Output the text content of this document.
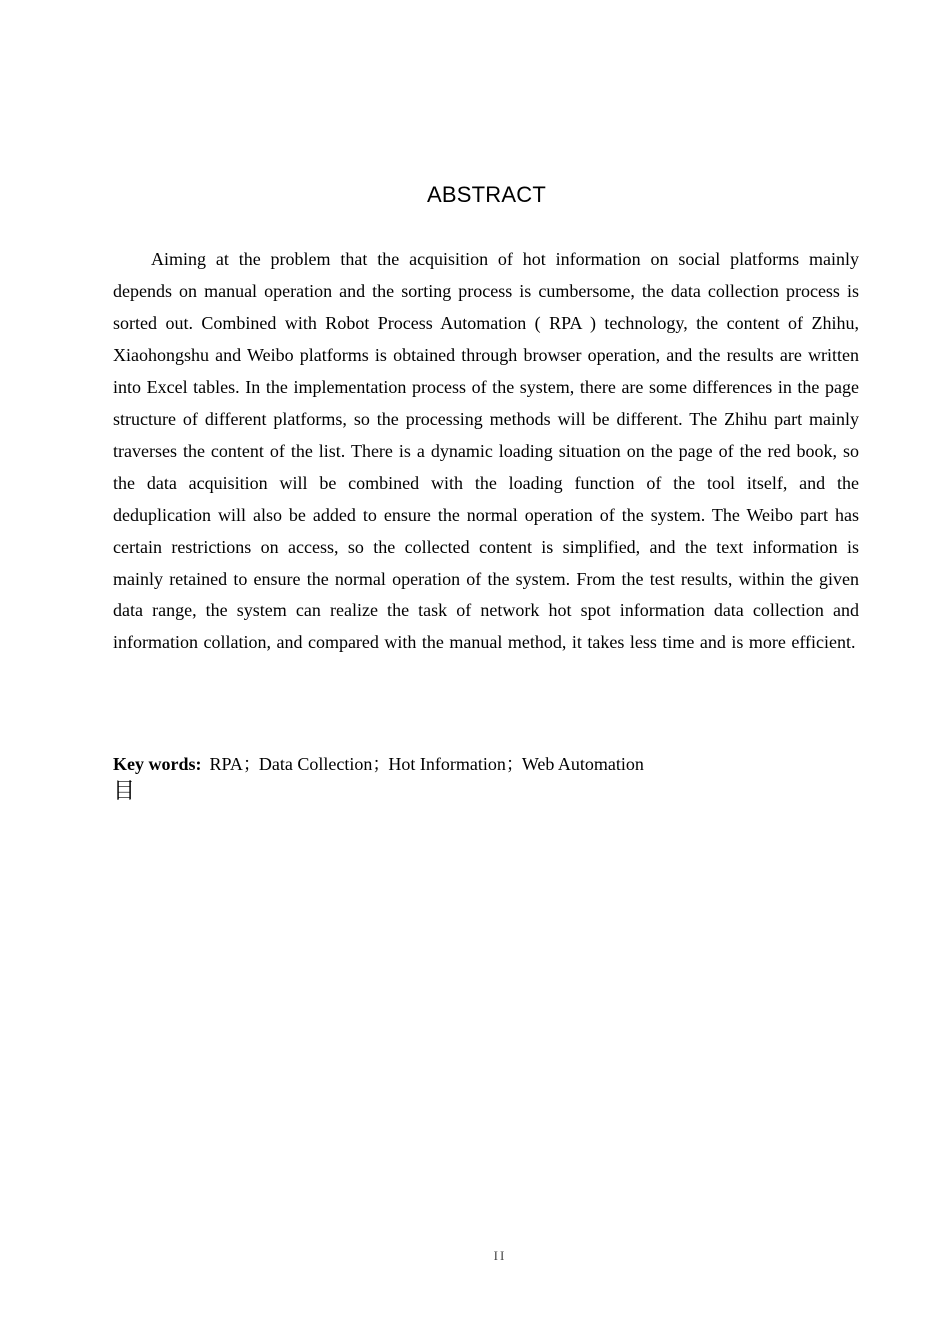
ABSTRACT

Aiming at the problem that the acquisition of hot information on social platforms mainly depends on manual operation and the sorting process is cumbersome, the data collection process is sorted out. Combined with Robot Process Automation ( RPA ) technology, the content of Zhihu, Xiaohongshu and Weibo platforms is obtained through browser operation, and the results are written into Excel tables. In the implementation process of the system, there are some differences in the page structure of different platforms, so the processing methods will be different. The Zhihu part mainly traverses the content of the list. There is a dynamic loading situation on the page of the red book, so the data acquisition will be combined with the loading function of the tool itself, and the deduplication will also be added to ensure the normal operation of the system. The Weibo part has certain restrictions on access, so the collected content is simplified, and the text information is mainly retained to ensure the normal operation of the system. From the test results, within the given data range, the system can realize the task of network hot spot information data collection and information collation, and compared with the manual method, it takes less time and is more efficient.

Key words: RPA；Data Collection；Hot Information；Web Automation

目
II
